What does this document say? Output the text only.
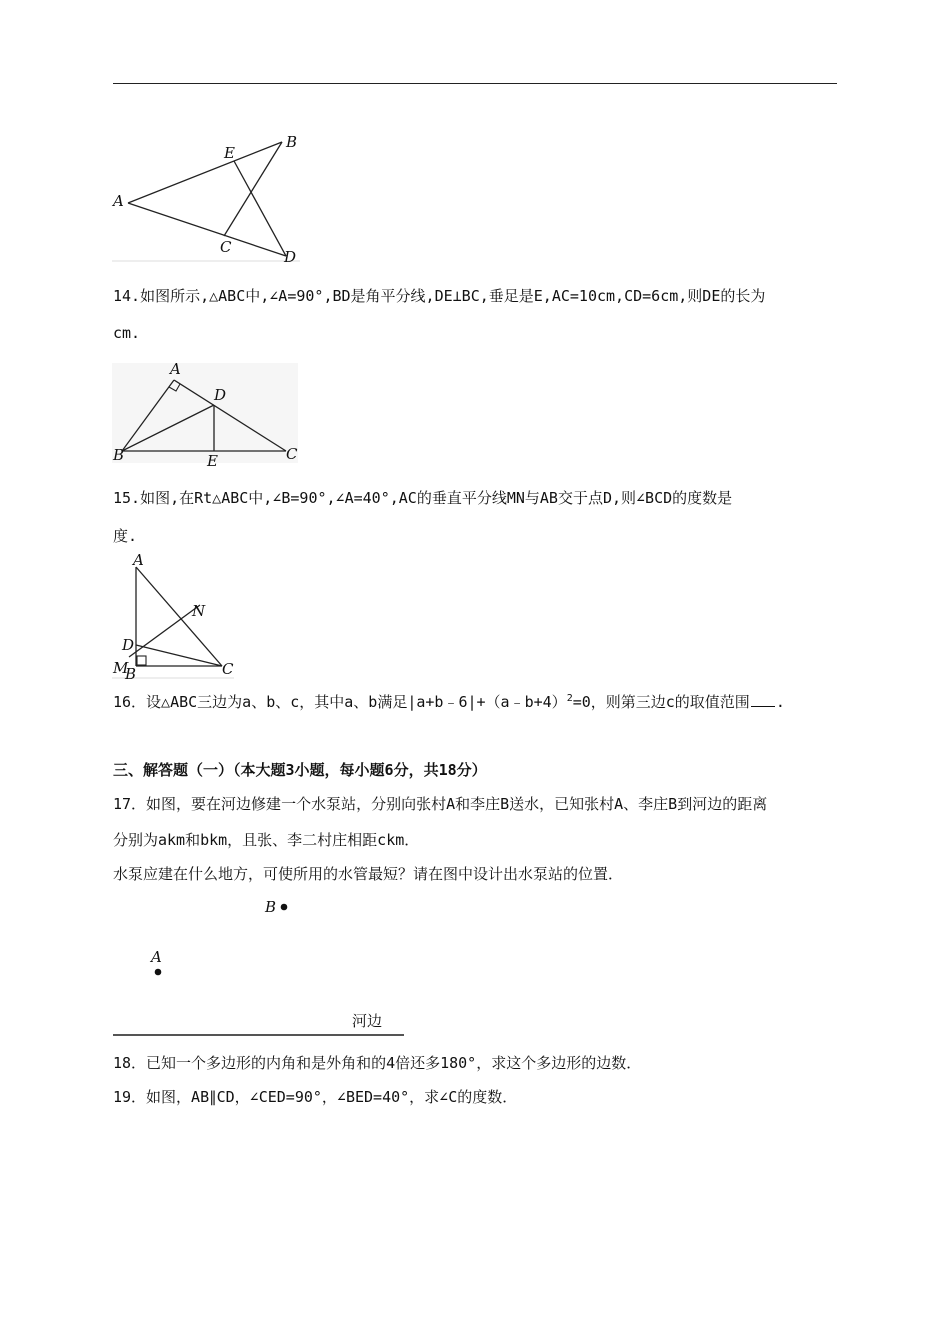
A
B
E
C
D
14.如图所示,△ABC中,∠A=90°,BD是角平分线,DE⊥BC,垂足是E,AC=10cm,CD=6cm,则DE的长为
cm.
A
B	C
D
E
15.如图,在Rt△ABC中,∠B=90°,∠A=40°,AC的垂直平分线MN与AB交于点D,则∠BCD的度数是
度.
A
N
D
M
B	C
16．设△ABC三边为a、b、c，其中a、b满足|a+b﹣6|+（a﹣b+4）$^2$=0，则第三边c的取值范围 .
三、解答题（一）（本大题3小题，每小题6分，共18分）
17．如图，要在河边修建一个水泵站，分别向张村A和李庄B送水，已知张村A、李庄B到河边的距离
分别为akm和bkm，且张、李二村庄相距ckm．
水泵应建在什么地方，可使所用的水管最短？请在图中设计出水泵站的位置．
B
A
河边
18．已知一个多边形的内角和是外角和的4倍还多180°，求这个多边形的边数．
19．如图，AB∥CD，∠CED=90°，∠BED=40°，求∠C的度数．
